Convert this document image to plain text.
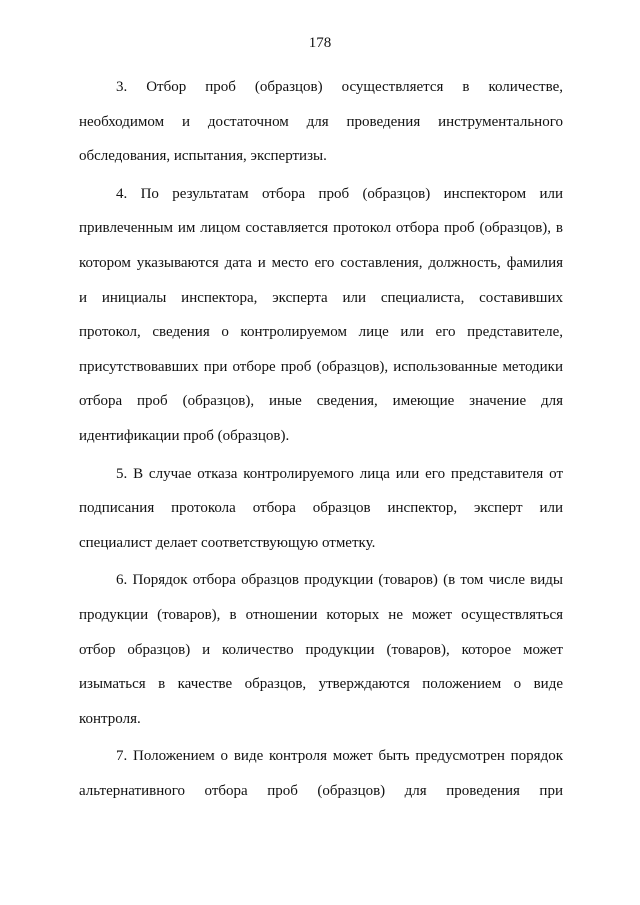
178
3. Отбор проб (образцов) осуществляется в количестве,
необходимом и достаточном для проведения инструментального
обследования, испытания, экспертизы.
4. По результатам отбора проб (образцов) инспектором или
привлеченным им лицом составляется протокол отбора проб (образцов), в
котором указываются дата и место его составления, должность, фамилия
и инициалы инспектора, эксперта или специалиста, составивших
протокол, сведения о контролируемом лице или его представителе,
присутствовавших при отборе проб (образцов), использованные методики
отбора проб (образцов), иные сведения, имеющие значение для
идентификации проб (образцов).
5. В случае отказа контролируемого лица или его представителя от
подписания протокола отбора образцов инспектор, эксперт или
специалист делает соответствующую отметку.
6. Порядок отбора образцов продукции (товаров) (в том числе виды
продукции (товаров), в отношении которых не может осуществляться
отбор образцов) и количество продукции (товаров), которое может
изыматься в качестве образцов, утверждаются положением о виде
контроля.
7. Положением о виде контроля может быть предусмотрен порядок
альтернативного отбора проб (образцов) для проведения при
